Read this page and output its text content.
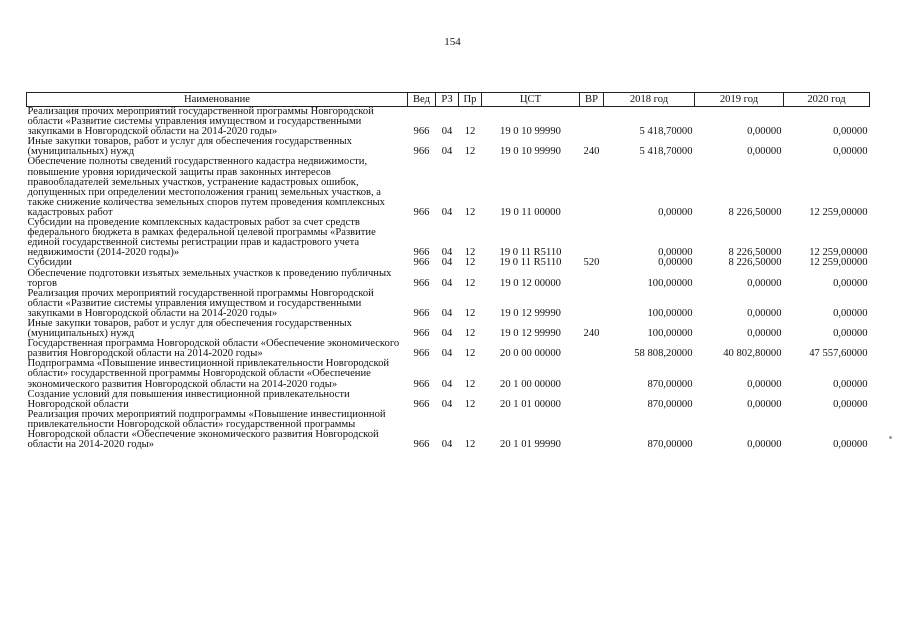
154
Наименование	Вед	РЗ	Пр	ЦСТ	ВР	2018 год	2019 год	2020 год
Реализация прочих мероприятий государственной программы Новгородской области «Развитие системы управления имуществом и государственными закупками в Новгородской области на 2014-2020 годы»	966	04	12	19 0 10 99990		5 418,70000	0,00000	0,00000
Иные закупки товаров, работ и услуг для обеспечения государственных (муниципальных) нужд	966	04	12	19 0 10 99990	240	5 418,70000	0,00000	0,00000
Обеспечение полноты сведений государственного кадастра недвижимости, повышение уровня юридической защиты прав законных интересов правообладателей земельных участков, устранение кадастровых ошибок, допущенных при определении местоположения границ земельных участков, а также снижение количества земельных споров путем проведения комплексных кадастровых работ	966	04	12	19 0 11 00000		0,00000	8 226,50000	12 259,00000
Субсидии на проведение комплексных кадастровых работ за счет средств федерального бюджета в рамках федеральной целевой программы «Развитие единой государственной системы регистрации прав и кадастрового учета недвижимости (2014-2020 годы)»	966	04	12	19 0 11 R5110		0,00000	8 226,50000	12 259,00000
Субсидии	966	04	12	19 0 11 R5110	520	0,00000	8 226,50000	12 259,00000
Обеспечение подготовки изъятых земельных участков к проведению публичных торгов	966	04	12	19 0 12 00000		100,00000	0,00000	0,00000
Реализация прочих мероприятий государственной программы Новгородской области «Развитие системы управления имуществом и государственными закупками в Новгородской области на 2014-2020 годы»	966	04	12	19 0 12 99990		100,00000	0,00000	0,00000
Иные закупки товаров, работ и услуг для обеспечения государственных (муниципальных) нужд	966	04	12	19 0 12 99990	240	100,00000	0,00000	0,00000
Государственная программа Новгородской области «Обеспечение экономического развития Новгородской области на 2014-2020 годы»	966	04	12	20 0 00 00000		58 808,20000	40 802,80000	47 557,60000
Подпрограмма «Повышение инвестиционной привлекательности Новгородской области» государственной программы Новгородской области «Обеспечение экономического развития Новгородской области на 2014-2020 годы»	966	04	12	20 1 00 00000		870,00000	0,00000	0,00000
Создание условий для повышения инвестиционной привлекательности Новгородской области	966	04	12	20 1 01 00000		870,00000	0,00000	0,00000
Реализация прочих мероприятий подпрограммы «Повышение инвестиционной привлекательности Новгородской области» государственной программы Новгородской области «Обеспечение экономического развития Новгородской области на 2014-2020 годы»	966	04	12	20 1 01 99990		870,00000	0,00000	0,00000
